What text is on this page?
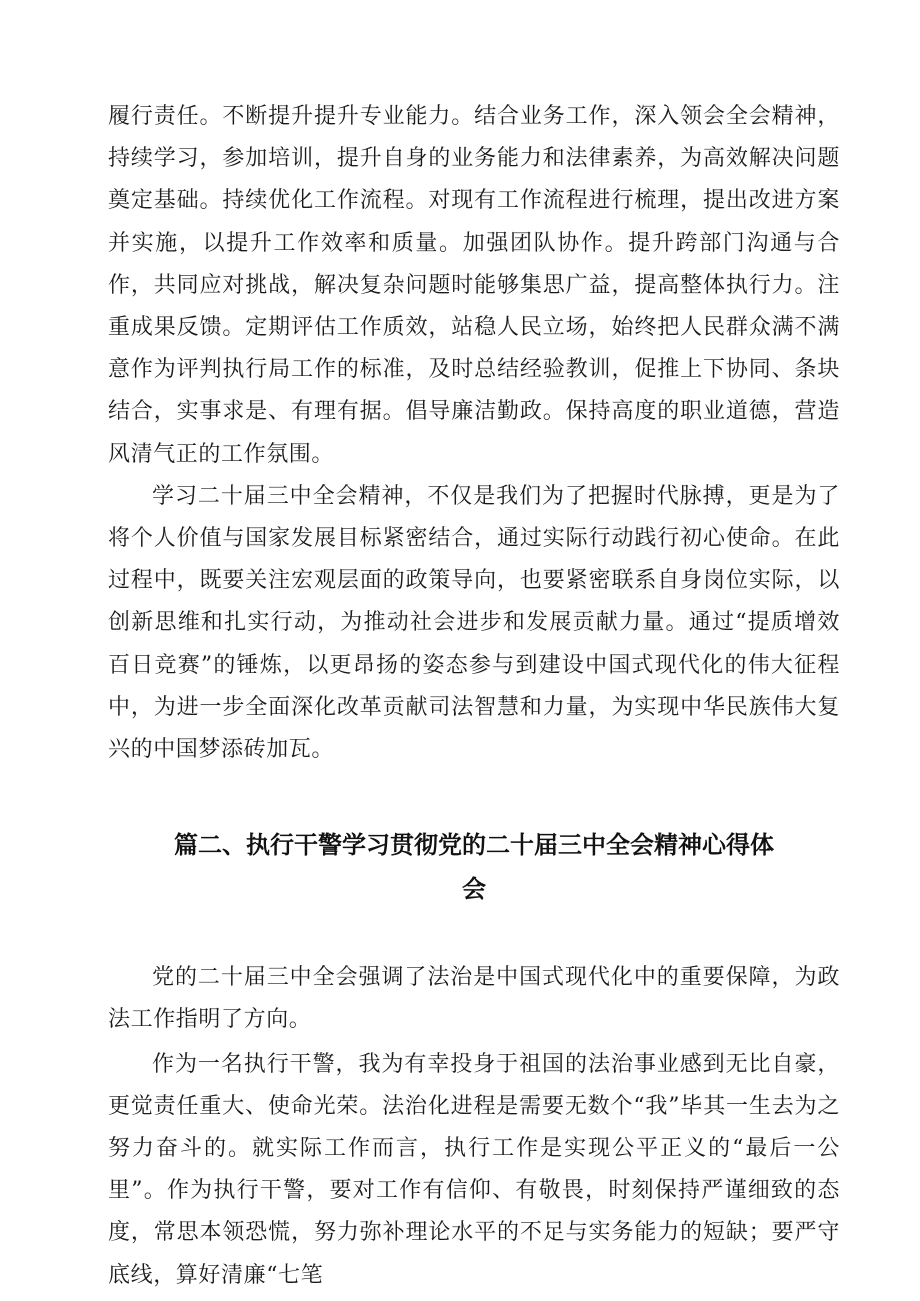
履行责任。不断提升提升专业能力。结合业务工作，深入领会全会精神，持续学习，参加培训，提升自身的业务能力和法律素养，为高效解决问题奠定基础。持续优化工作流程。对现有工作流程进行梳理，提出改进方案并实施，以提升工作效率和质量。加强团队协作。提升跨部门沟通与合作，共同应对挑战，解决复杂问题时能够集思广益，提高整体执行力。注重成果反馈。定期评估工作质效，站稳人民立场，始终把人民群众满不满意作为评判执行局工作的标准，及时总结经验教训，促推上下协同、条块结合，实事求是、有理有据。倡导廉洁勤政。保持高度的职业道德，营造风清气正的工作氛围。

学习二十届三中全会精神，不仅是我们为了把握时代脉搏，更是为了将个人价值与国家发展目标紧密结合，通过实际行动践行初心使命。在此过程中，既要关注宏观层面的政策导向，也要紧密联系自身岗位实际，以创新思维和扎实行动，为推动社会进步和发展贡献力量。通过“提质增效百日竞赛”的锤炼，以更昂扬的姿态参与到建设中国式现代化的伟大征程中，为进一步全面深化改革贡献司法智慧和力量，为实现中华民族伟大复兴的中国梦添砖加瓦。

篇二、执行干警学习贯彻党的二十届三中全会精神心得体
会

党的二十届三中全会强调了法治是中国式现代化中的重要保障，为政法工作指明了方向。

作为一名执行干警，我为有幸投身于祖国的法治事业感到无比自豪，更觉责任重大、使命光荣。法治化进程是需要无数个“我”毕其一生去为之努力奋斗的。就实际工作而言，执行工作是实现公平正义的“最后一公里”。作为执行干警，要对工作有信仰、有敬畏，时刻保持严谨细致的态度，常思本领恐慌，努力弥补理论水平的不足与实务能力的短缺；要严守底线，算好清廉“七笔
